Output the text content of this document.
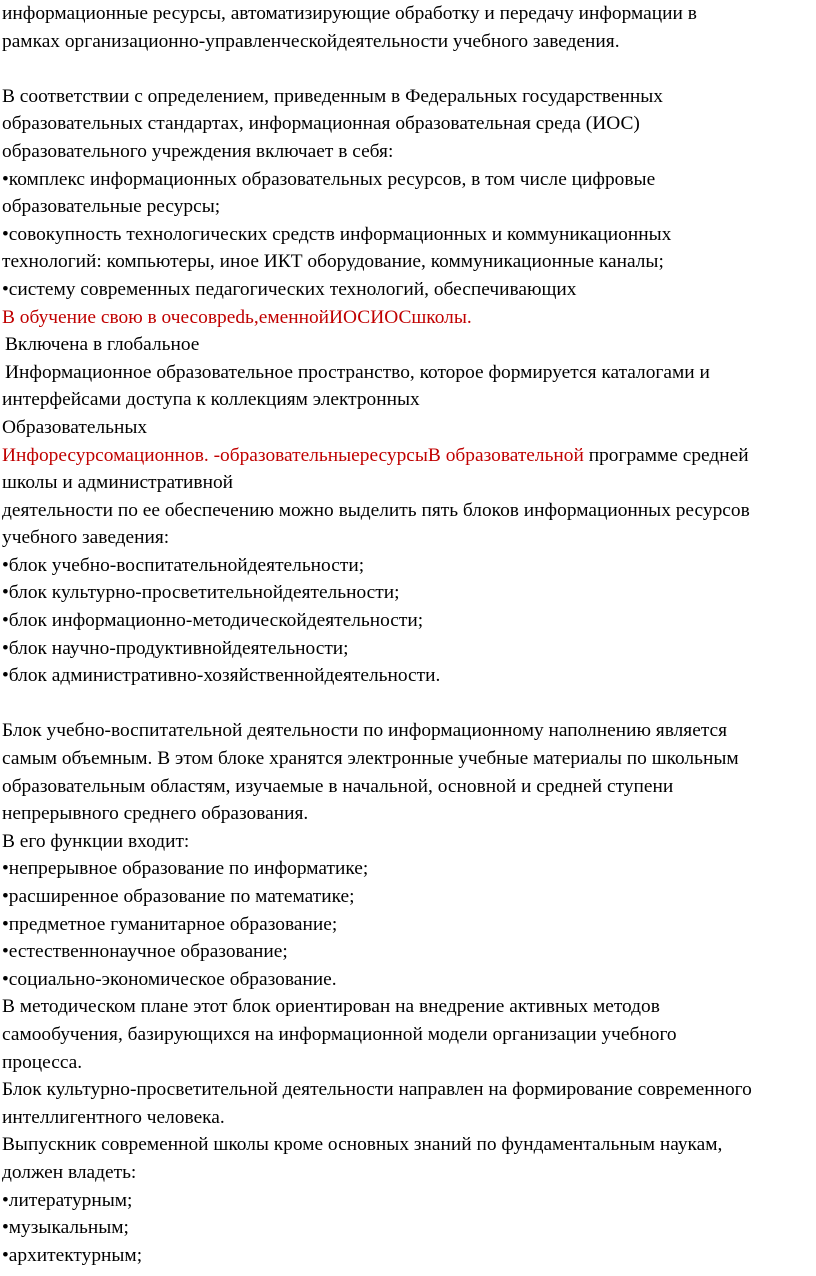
информационные ресурсы, автоматизирующие обработку и передачу информации в
рамках организационно-управленческойдеятельности учебного заведения.
В соответствии с определением, приведенным в Федеральных государственных
образовательных стандартах, информационная образовательная среда (ИОС)
образовательного учреждения включает в себя:
•комплекс информационных образовательных ресурсов, в том числе цифровые
образовательные ресурсы;
•совокупность технологических средств информационных и коммуникационных
технологий: компьютеры, иное ИКТ оборудование, коммуникационные каналы;
•систему современных педагогических технологий, обеспечивающих
В обучение свою в очесоврedь,еменнойИОСИОСшколы.
Включена в глобальное
Информационное образовательное пространство, которое формируется каталогами и
интерфейсами доступа к коллекциям электронных
Образовательных
Инфоресурсомационнов. -образовательныересурсыВ образовательной программе средней
школы и административной
деятельности по ее обеспечению можно выделить пять блоков информационных ресурсов
учебного заведения:
•блок учебно-воспитательнойдеятельности;
•блок культурно-просветительнойдеятельности;
•блок информационно-методическойдеятельности;
•блок научно-продуктивнойдеятельности;
•блок административно-хозяйственнойдеятельности.
Блок учебно-воспитательной деятельности по информационному наполнению является
самым объемным. В этом блоке хранятся электронные учебные материалы по школьным
образовательным областям, изучаемые в начальной, основной и средней ступени
непрерывного среднего образования.
В его функции входит:
•непрерывное образование по информатике;
•расширенное образование по математике;
•предметное гуманитарное образование;
•естественнонаучное образование;
•социально-экономическое образование.
В методическом плане этот блок ориентирован на внедрение активных методов
самообучения, базирующихся на информационной модели организации учебного
процесса.
Блок культурно-просветительной деятельности направлен на формирование современного
интеллигентного человека.
Выпускник современной школы кроме основных знаний по фундаментальным наукам,
должен владеть:
•литературным;
•музыкальным;
•архитектурным;
